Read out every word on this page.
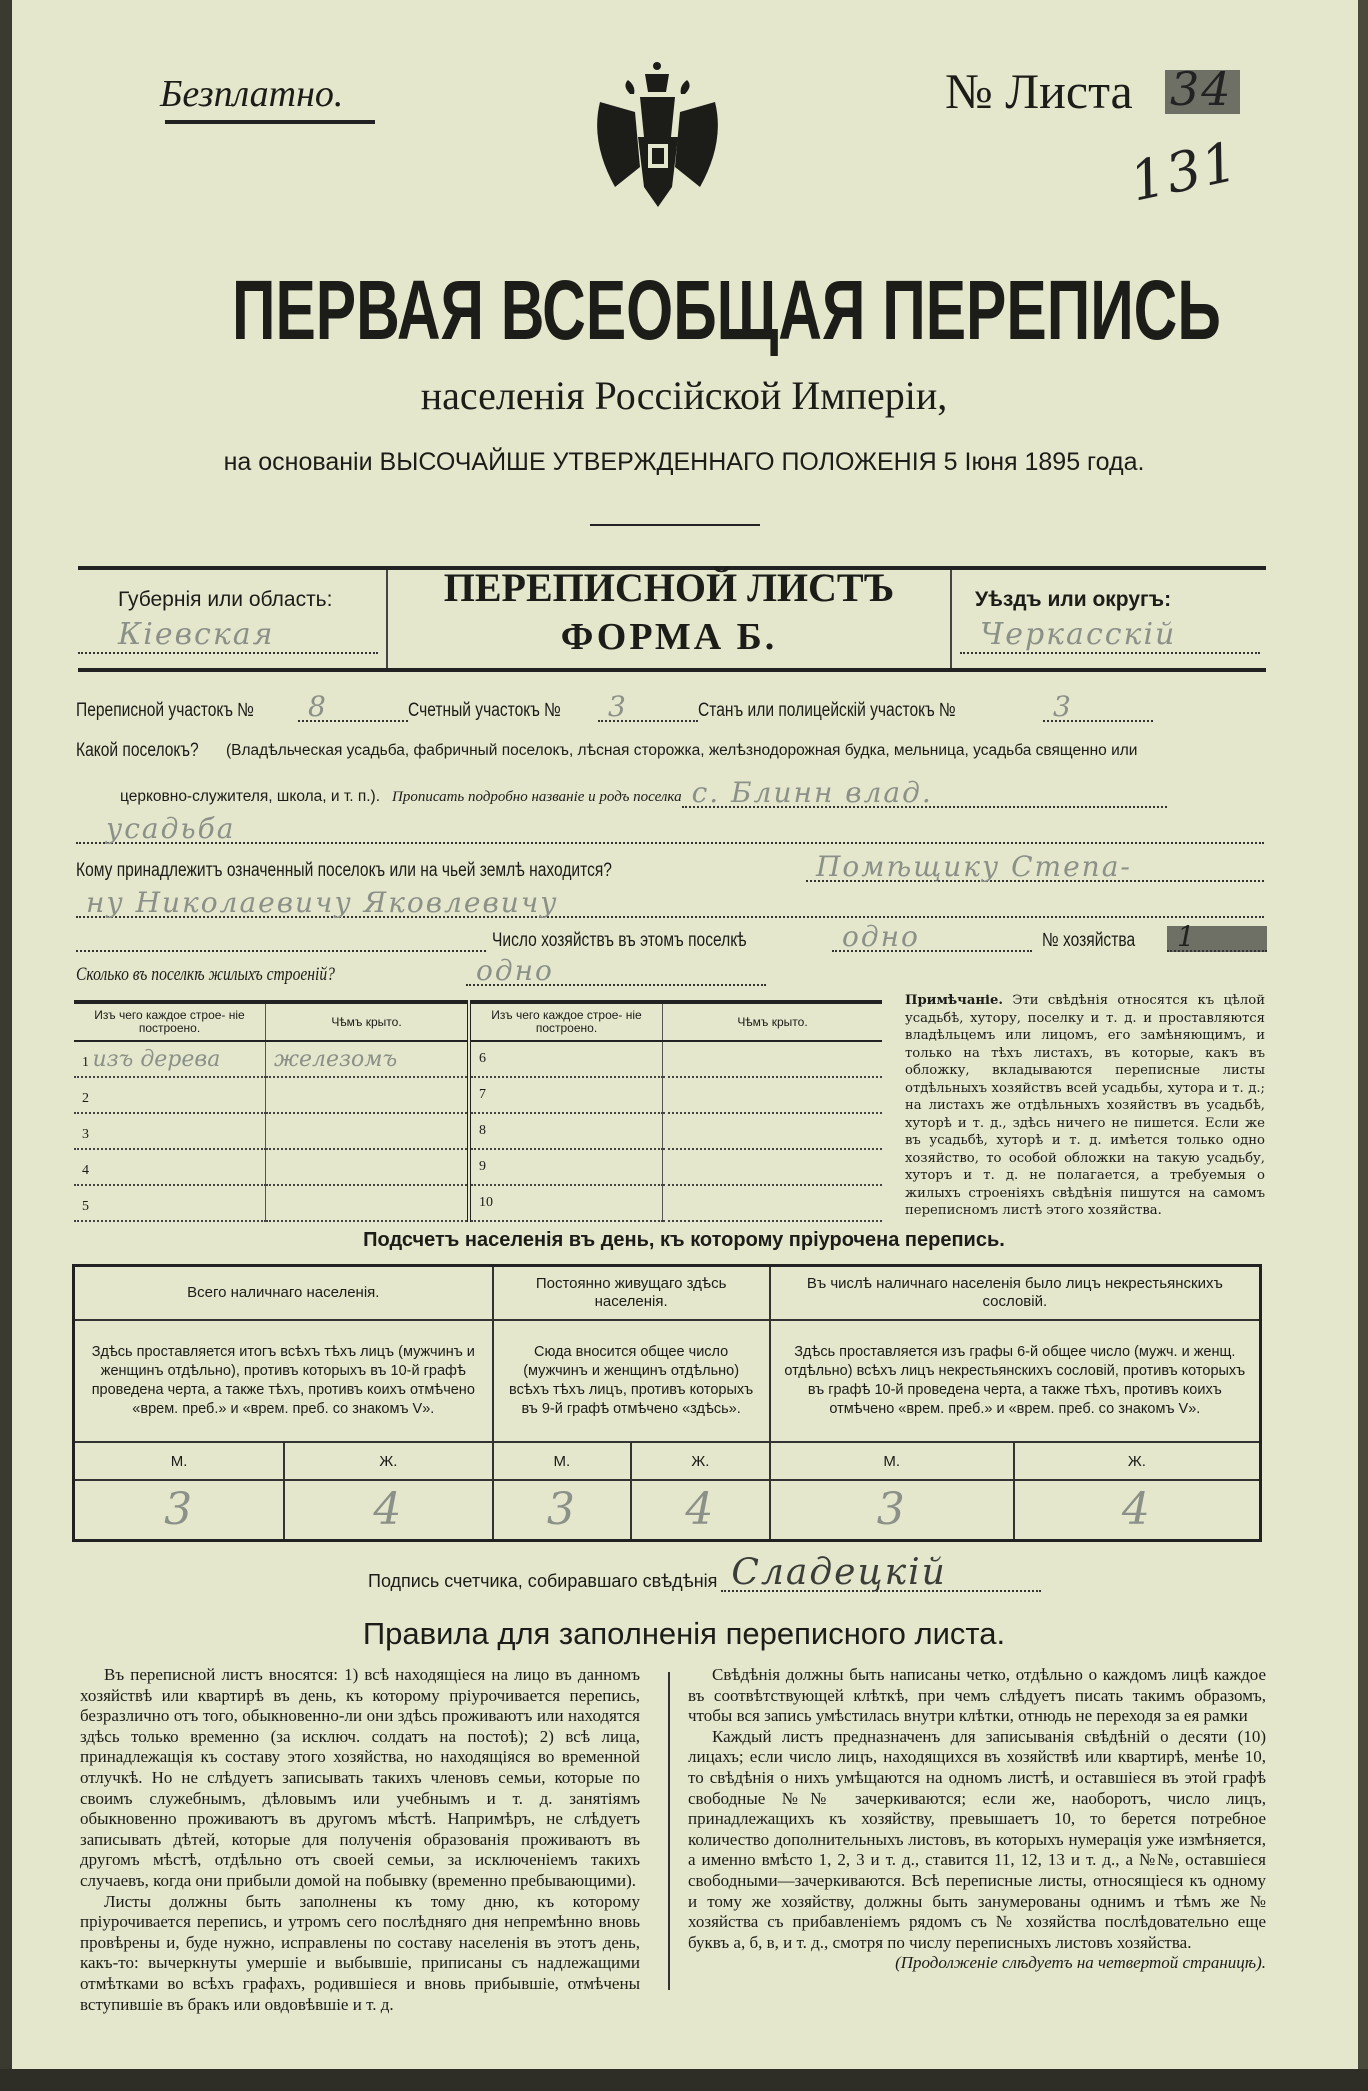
Безплатно.	№ Листа 34
131
ПЕРВАЯ ВСЕОБЩАЯ ПЕРЕПИСЬ
населенія Россійской Имперіи,
на основаніи ВЫСОЧАЙШЕ УТВЕРЖДЕННАГО ПОЛОЖЕНІЯ 5 Іюня 1895 года.
Губернія или область:
Кіевская
ПЕРЕПИСНОЙ ЛИСТЪ
ФОРМА Б.
Уѣздъ или округъ:
Черкасскій
Переписной участокъ № 8	Счетный участокъ № 3	Станъ или полицейскій участокъ №	3
Какой поселокъ? (Владѣльческая усадьба, фабричный поселокъ, лѣсная сторожка, желѣзнодорожная будка, мельница, усадьба священно или
церковно-служителя, школа, и т. п.). Прописать подробно названіе и родъ поселка с. Блинн влад.
усадьба
Кому принадлежитъ означенный поселокъ или на чьей землѣ находится?	Помѣщику Степа-
ну Николаевичу Яковлевичу
Число хозяйствъ въ этомъ поселкѣ	одно	№ хозяйства	1
Сколько въ поселкѣ жилыхъ строеній?	одно
Изъ чего каждое строе- ніе построено.	Чѣмъ крыто.	Изъ чего каждое строе- ніе построено.	Чѣмъ крыто.
1 изъ дерева	железомъ	6	
2		7	
3		8	
4		9	
5		10	
Примѣчаніе. Эти свѣдѣнія относятся къ цѣлой усадьбѣ, хутору, поселку и т. д. и проставляются владѣльцемъ или лицомъ, его замѣняющимъ, и только на тѣхъ листахъ, въ которые, какъ въ обложку, вкладываются переписные листы отдѣльныхъ хозяйствъ всей усадьбы, хутора и т. д.; на листахъ же отдѣльныхъ хозяйствъ въ усадьбѣ, хуторѣ и т. д., здѣсь ничего не пишется. Если же въ усадьбѣ, хуторѣ и т. д. имѣется только одно хозяйство, то особой обложки на такую усадьбу, хуторъ и т. д. не полагается, а требуемыя о жилыхъ строеніяхъ свѣдѣнія пишутся на самомъ переписномъ листѣ этого хозяйства.
Подсчетъ населенія въ день, къ которому пріурочена перепись.
Всего наличнаго населенія.		Постоянно живущаго здѣсь населенія.		Въ числѣ наличнаго населенія было лицъ некрестьянскихъ сословій.	
Здѣсь проставляется итогъ всѣхъ тѣхъ лицъ (мужчинъ и женщинъ отдѣльно), противъ которыхъ въ 10-й графѣ проведена черта, а также тѣхъ, противъ коихъ отмѣчено «врем. преб.» и «врем. преб. со знакомъ V».		Сюда вносится общее число (мужчинъ и женщинъ отдѣльно) всѣхъ тѣхъ лицъ, противъ которыхъ въ 9-й графѣ отмѣчено «здѣсь».		Здѣсь проставляется изъ графы 6-й общее число (мужч. и женщ. отдѣльно) всѣхъ лицъ некрестьянскихъ сословій, противъ которыхъ въ графѣ 10-й проведена черта, а также тѣхъ, противъ коихъ отмѣчено «врем. преб.» и «врем. преб. со знакомъ V».	
М.	Ж.	М.	Ж.	М.	Ж.
3	4	3	4	3	4
Подпись счетчика, собиравшаго свѣдѣнія Сладецкій
Правила для заполненія переписного листа.

Въ переписной листъ вносятся: 1) всѣ находящіеся на лицо въ данномъ хозяйствѣ или квартирѣ въ день, къ которому пріурочивается перепись, безразлично отъ того, обыкновенно-ли они здѣсь проживаютъ или находятся здѣсь только временно (за исключ. солдатъ на постоѣ); 2) всѣ лица, принадлежащія къ составу этого хозяйства, но находящіяся во временной отлучкѣ. Но не слѣдуетъ записывать такихъ членовъ семьи, которые по своимъ служебнымъ, дѣловымъ или учебнымъ и т. д. занятіямъ обыкновенно проживаютъ въ другомъ мѣстѣ. Напримѣръ, не слѣдуетъ записывать дѣтей, которые для полученія образованія проживаютъ въ другомъ мѣстѣ, отдѣльно отъ своей семьи, за исключеніемъ такихъ случаевъ, когда они прибыли домой на побывку (временно пребывающими).

Листы должны быть заполнены къ тому дню, къ которому пріурочивается перепись, и утромъ сего послѣдняго дня непремѣнно вновь провѣрены и, буде нужно, исправлены по составу населенія въ этотъ день, какъ-то: вычеркнуты умершіе и выбывшіе, приписаны съ надлежащими отмѣтками во всѣхъ графахъ, родившіеся и вновь прибывшіе, отмѣчены вступившіе въ бракъ или овдовѣвшіе и т. д.

Свѣдѣнія должны быть написаны четко, отдѣльно о каждомъ лицѣ каждое въ соотвѣтствующей клѣткѣ, при чемъ слѣдуетъ писать такимъ образомъ, чтобы вся запись умѣстилась внутри клѣтки, отнюдь не переходя за ея рамки

Каждый листъ предназначенъ для записыванія свѣдѣній о десяти (10) лицахъ; если число лицъ, находящихся въ хозяйствѣ или квартирѣ, менѣе 10, то свѣдѣнія о нихъ умѣщаются на одномъ листѣ, и оставшіеся въ этой графѣ свободные №№ зачеркиваются; если же, наоборотъ, число лицъ, принадлежащихъ къ хозяйству, превышаетъ 10, то берется потребное количество дополнительныхъ листовъ, въ которыхъ нумерація уже измѣняется, а именно вмѣсто 1, 2, 3 и т. д., ставится 11, 12, 13 и т. д., а №№, оставшіеся свободными—зачеркиваются. Всѣ переписные листы, относящіеся къ одному и тому же хозяйству, должны быть занумерованы однимъ и тѣмъ же № хозяйства съ прибавленіемъ рядомъ съ № хозяйства послѣдовательно еще буквъ а, б, в, и т. д., смотря по числу переписныхъ листовъ хозяйства.

(Продолженіе слѣдуетъ на четвертой страницѣ).
